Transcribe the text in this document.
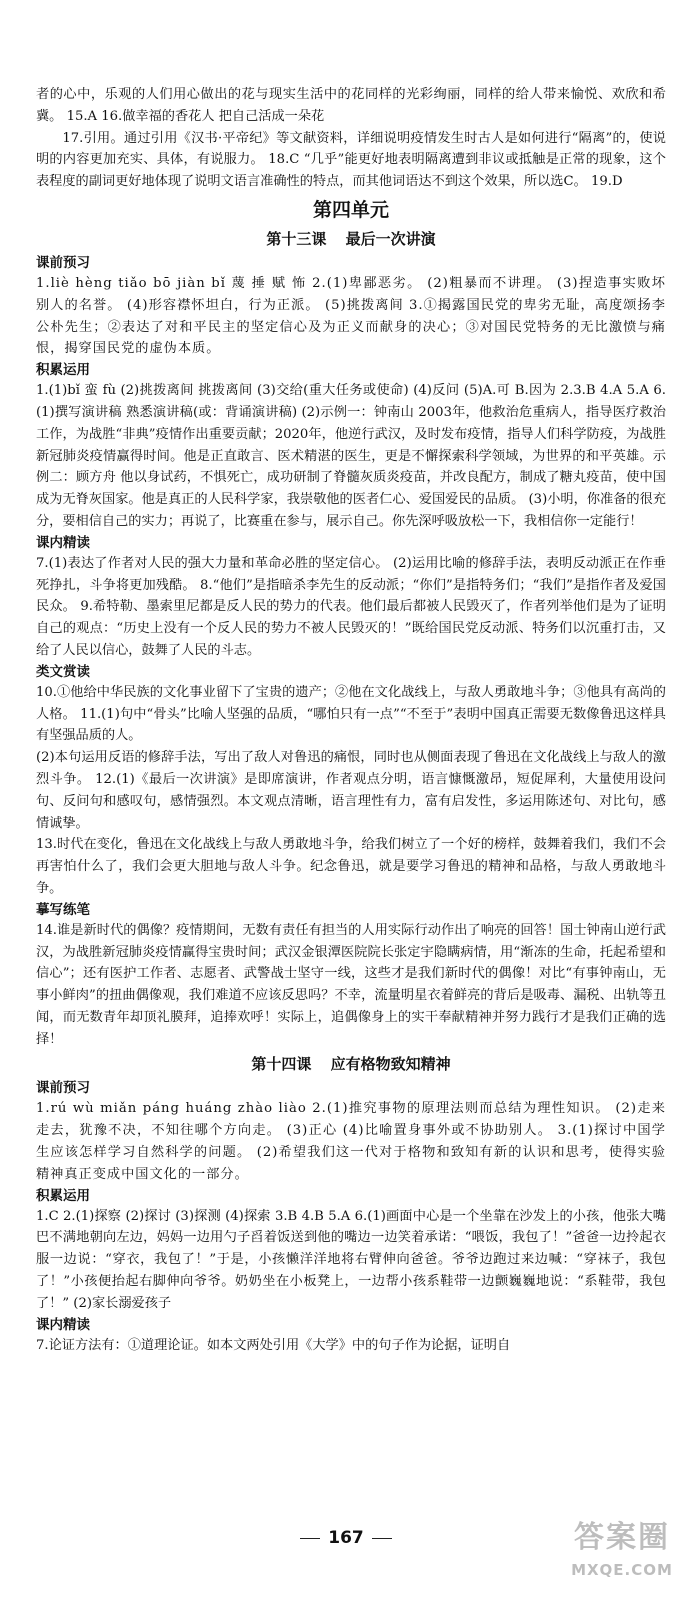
者的心中，乐观的人们用心做出的花与现实生活中的花同样的光彩绚丽，同样的给人带来愉悦、欢欣和希冀。 15.A 16.做幸福的香花人 把自己活成一朵花

17.引用。通过引用《汉书·平帝纪》等文献资料，详细说明疫情发生时古人是如何进行“隔离”的，使说明的内容更加充实、具体，有说服力。 18.C “几乎”能更好地表明隔离遭到非议或抵触是正常的现象，这个表程度的副词更好地体现了说明文语言准确性的特点，而其他词语达不到这个效果，所以选C。 19.D

第四单元
第十三课 最后一次讲演
课前预习

1.liè hèng tiǎo bō jiàn bǐ 蔑 捶 赋 怖 2.(1)卑鄙恶劣。 (2)粗暴而不讲理。 (3)捏造事实败坏别人的名誉。 (4)形容襟怀坦白，行为正派。 (5)挑拨离间 3.①揭露国民党的卑劣无耻，高度颂扬李公朴先生；②表达了对和平民主的坚定信心及为正义而献身的决心；③对国民党特务的无比激愤与痛恨，揭穿国民党的虚伪本质。

积累运用

1.(1)bǐ 蛮 fù (2)挑拨离间 挑拨离间 (3)交给(重大任务或使命) (4)反问 (5)A.可 B.因为 2.3.B 4.A 5.A 6.(1)撰写演讲稿 熟悉演讲稿(或：背诵演讲稿) (2)示例一：钟南山 2003年，他救治危重病人，指导医疗救治工作，为战胜“非典”疫情作出重要贡献；2020年，他逆行武汉，及时发布疫情，指导人们科学防疫，为战胜新冠肺炎疫情赢得时间。他是正直敢言、医术精湛的医生，更是不懈探索科学领域，为世界的和平英雄。示例二：顾方舟 他以身试药，不惧死亡，成功研制了脊髓灰质炎疫苗，并改良配方，制成了糖丸疫苗，使中国成为无脊灰国家。他是真正的人民科学家，我崇敬他的医者仁心、爱国爱民的品质。 (3)小明，你准备的很充分，要相信自己的实力；再说了，比赛重在参与，展示自己。你先深呼吸放松一下，我相信你一定能行！

课内精读

7.(1)表达了作者对人民的强大力量和革命必胜的坚定信心。 (2)运用比喻的修辞手法，表明反动派正在作垂死挣扎，斗争将更加残酷。 8.“他们”是指暗杀李先生的反动派；“你们”是指特务们；“我们”是指作者及爱国民众。 9.希特勒、墨索里尼都是反人民的势力的代表。他们最后都被人民毁灭了，作者列举他们是为了证明自己的观点：“历史上没有一个反人民的势力不被人民毁灭的！”既给国民党反动派、特务们以沉重打击，又给了人民以信心，鼓舞了人民的斗志。

类文赏读

10.①他给中华民族的文化事业留下了宝贵的遗产；②他在文化战线上，与敌人勇敢地斗争；③他具有高尚的人格。 11.(1)句中“骨头”比喻人坚强的品质，“哪怕只有一点”“不至于”表明中国真正需要无数像鲁迅这样具有坚强品质的人。

(2)本句运用反语的修辞手法，写出了敌人对鲁迅的痛恨，同时也从侧面表现了鲁迅在文化战线上与敌人的激烈斗争。 12.(1)《最后一次讲演》是即席演讲，作者观点分明，语言慷慨激昂，短促犀利，大量使用设问句、反问句和感叹句，感情强烈。本文观点清晰，语言理性有力，富有启发性，多运用陈述句、对比句，感情诚挚。

13.时代在变化，鲁迅在文化战线上与敌人勇敢地斗争，给我们树立了一个好的榜样，鼓舞着我们，我们不会再害怕什么了，我们会更大胆地与敌人斗争。纪念鲁迅，就是要学习鲁迅的精神和品格，与敌人勇敢地斗争。

摹写练笔

14.谁是新时代的偶像？疫情期间，无数有责任有担当的人用实际行动作出了响亮的回答！国士钟南山逆行武汉，为战胜新冠肺炎疫情赢得宝贵时间；武汉金银潭医院院长张定宇隐瞒病情，用“渐冻的生命，托起希望和信心”；还有医护工作者、志愿者、武警战士坚守一线，这些才是我们新时代的偶像！对比“有事钟南山，无事小鲜肉”的扭曲偶像观，我们难道不应该反思吗？不幸，流量明星衣着鲜亮的背后是吸毒、漏税、出轨等丑闻，而无数青年却顶礼膜拜，追捧欢呼！实际上，追偶像身上的实干奉献精神并努力践行才是我们正确的选择！

第十四课 应有格物致知精神
课前预习

1.rú wù miǎn páng huáng zhào liào 2.(1)推究事物的原理法则而总结为理性知识。 (2)走来走去，犹豫不决，不知往哪个方向走。 (3)正心 (4)比喻置身事外或不协助别人。 3.(1)探讨中国学生应该怎样学习自然科学的问题。 (2)希望我们这一代对于格物和致知有新的认识和思考，使得实验精神真正变成中国文化的一部分。

积累运用

1.C 2.(1)探察 (2)探讨 (3)探测 (4)探索 3.B 4.B 5.A 6.(1)画面中心是一个坐靠在沙发上的小孩，他张大嘴巴不满地朝向左边，妈妈一边用勺子舀着饭送到他的嘴边一边笑着承诺：“喂饭，我包了！”爸爸一边拎起衣服一边说：“穿衣，我包了！”于是，小孩懒洋洋地将右臂伸向爸爸。爷爷边跑过来边喊：“穿袜子，我包了！”小孩便抬起右脚伸向爷爷。奶奶坐在小板凳上，一边帮小孩系鞋带一边颤巍巍地说：“系鞋带，我包了！” (2)家长溺爱孩子

课内精读

7.论证方法有：①道理论证。如本文两处引用《大学》中的句子作为论据，证明自

167	答案圈
MXQE.COM
